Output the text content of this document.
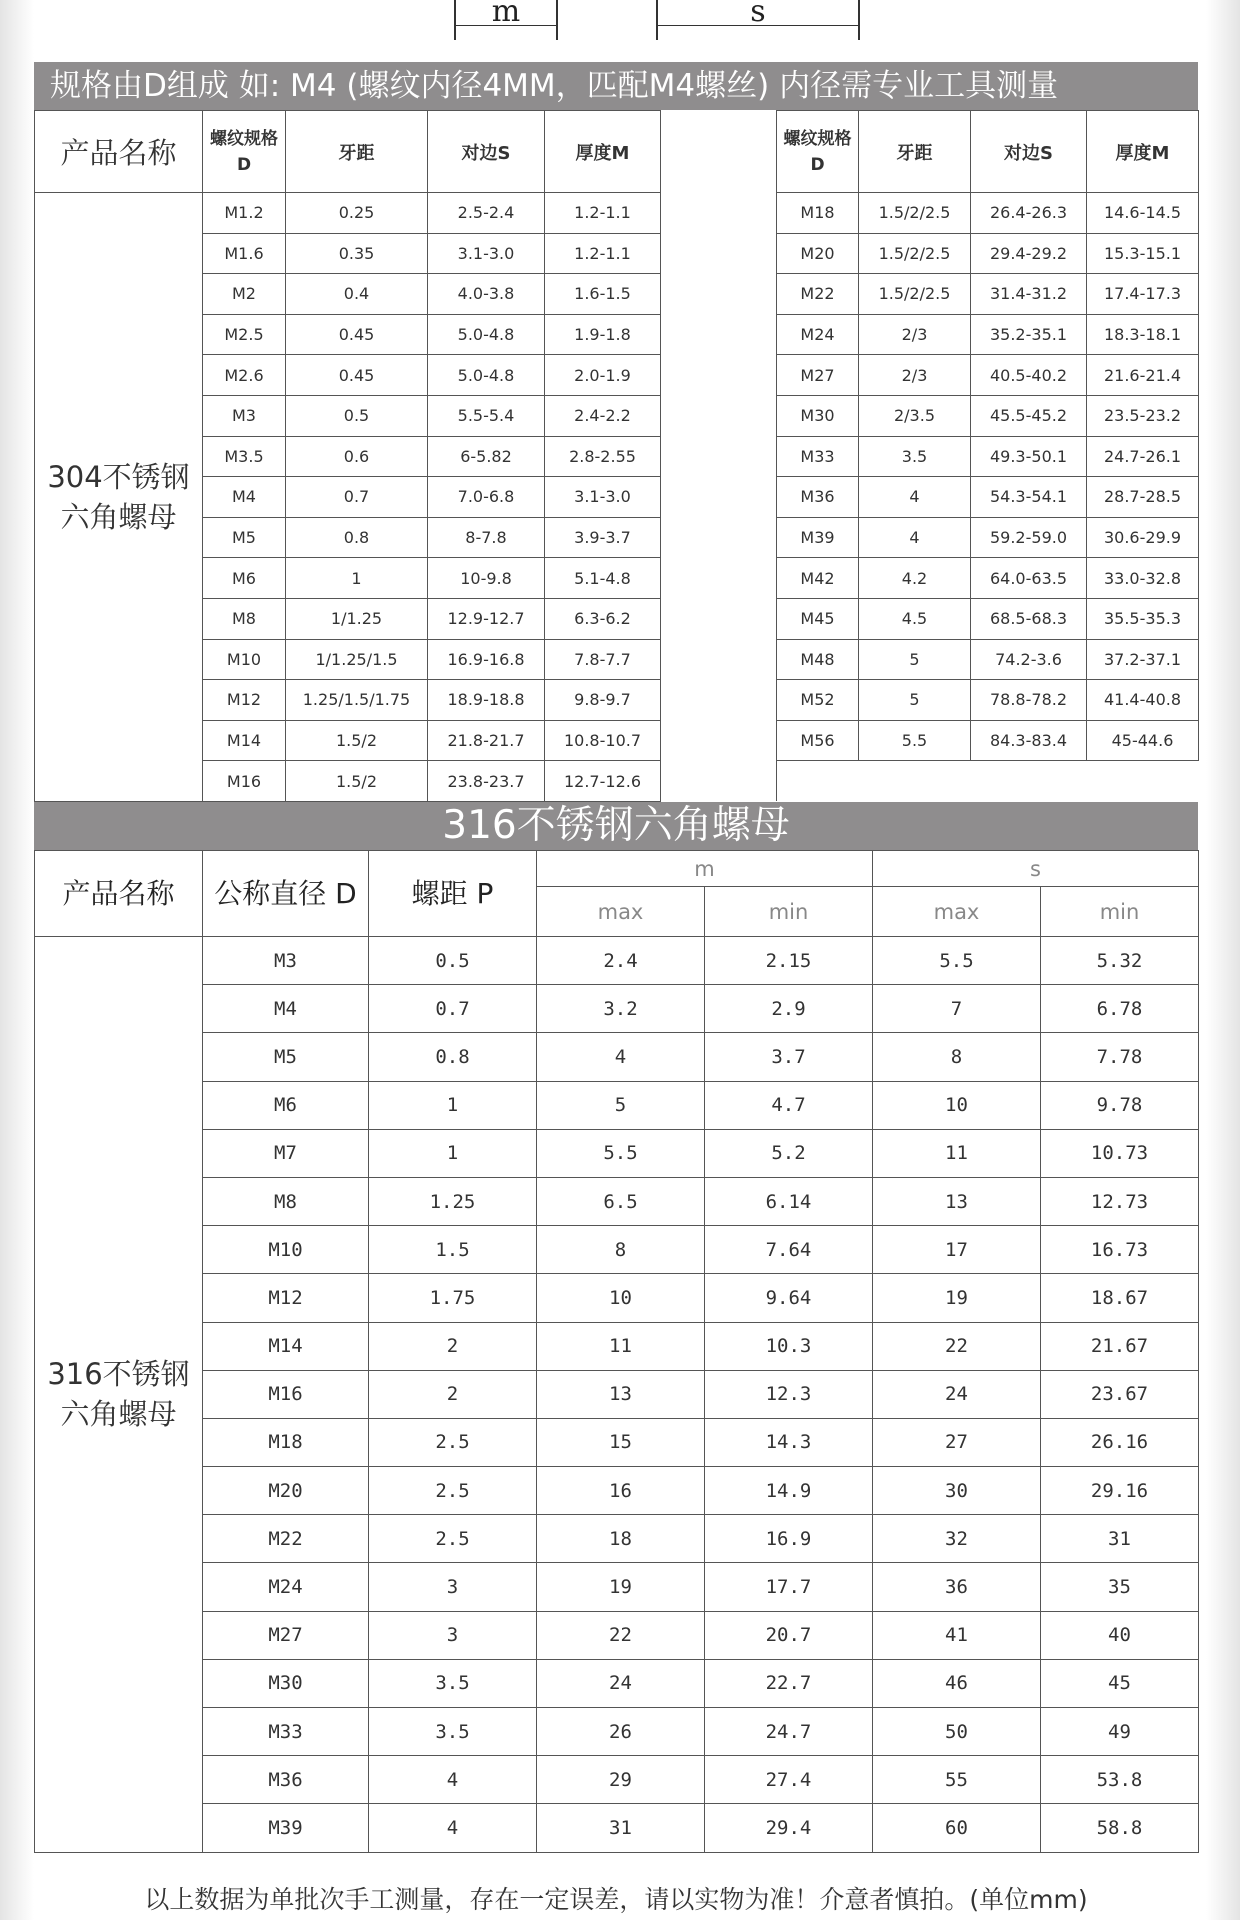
m	s
规格由D组成 如: M4 (螺纹内径4MM，匹配M4螺丝) 内径需专业工具测量
产品名称	螺纹规格 D	牙距	对边S	厚度M		螺纹规格 D	牙距	对边S	厚度M
304不锈钢六角螺母	M1.2	0.25	2.5-2.4	1.2-1.1		M18	1.5/2/2.5	26.4-26.3	14.6-14.5
	M1.6	0.35	3.1-3.0	1.2-1.1		M20	1.5/2/2.5	29.4-29.2	15.3-15.1
	M2	0.4	4.0-3.8	1.6-1.5		M22	1.5/2/2.5	31.4-31.2	17.4-17.3
	M2.5	0.45	5.0-4.8	1.9-1.8		M24	2/3	35.2-35.1	18.3-18.1
	M2.6	0.45	5.0-4.8	2.0-1.9		M27	2/3	40.5-40.2	21.6-21.4
	M3	0.5	5.5-5.4	2.4-2.2		M30	2/3.5	45.5-45.2	23.5-23.2
	M3.5	0.6	6-5.82	2.8-2.55		M33	3.5	49.3-50.1	24.7-26.1
	M4	0.7	7.0-6.8	3.1-3.0		M36	4	54.3-54.1	28.7-28.5
	M5	0.8	8-7.8	3.9-3.7		M39	4	59.2-59.0	30.6-29.9
	M6	1	10-9.8	5.1-4.8		M42	4.2	64.0-63.5	33.0-32.8
	M8	1/1.25	12.9-12.7	6.3-6.2		M45	4.5	68.5-68.3	35.5-35.3
	M10	1/1.25/1.5	16.9-16.8	7.8-7.7		M48	5	74.2-3.6	37.2-37.1
	M12	1.25/1.5/1.75	18.9-18.8	9.8-9.7		M52	5	78.8-78.2	41.4-40.8
	M14	1.5/2	21.8-21.7	10.8-10.7		M56	5.5	84.3-83.4	45-44.6
	M16	1.5/2	23.8-23.7	12.7-12.6					
316不锈钢六角螺母
产品名称	公称直径 D	螺距 P	m		s	
			max	min	max	min
316不锈钢六角螺母	M3	0.5	2.4	2.15	5.5	5.32
	M4	0.7	3.2	2.9	7	6.78
	M5	0.8	4	3.7	8	7.78
	M6	1	5	4.7	10	9.78
	M7	1	5.5	5.2	11	10.73
	M8	1.25	6.5	6.14	13	12.73
	M10	1.5	8	7.64	17	16.73
	M12	1.75	10	9.64	19	18.67
	M14	2	11	10.3	22	21.67
	M16	2	13	12.3	24	23.67
	M18	2.5	15	14.3	27	26.16
	M20	2.5	16	14.9	30	29.16
	M22	2.5	18	16.9	32	31
	M24	3	19	17.7	36	35
	M27	3	22	20.7	41	40
	M30	3.5	24	22.7	46	45
	M33	3.5	26	24.7	50	49
	M36	4	29	27.4	55	53.8
	M39	4	31	29.4	60	58.8
以上数据为单批次手工测量，存在一定误差，请以实物为准！介意者慎拍。(单位mm)
